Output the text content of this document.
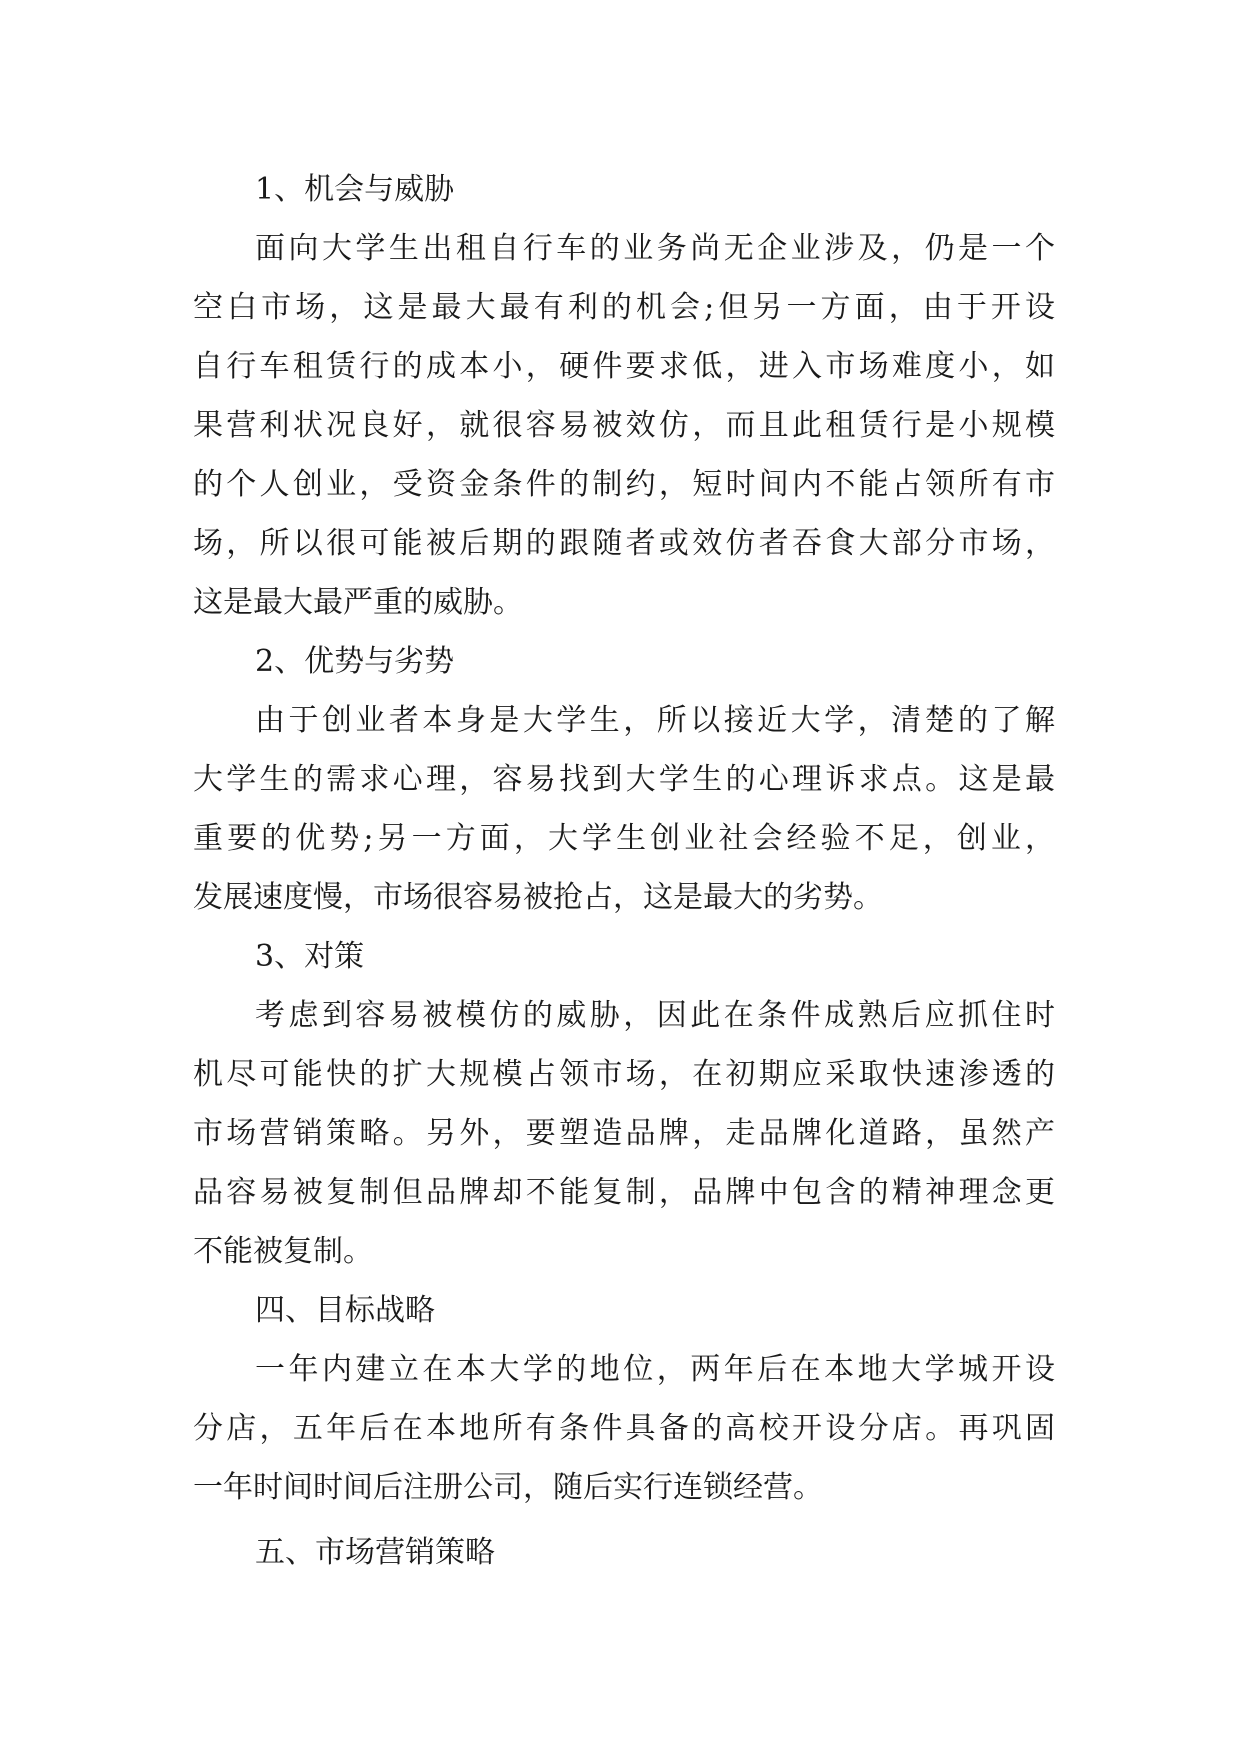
1、机会与威胁
面向大学生出租自行车的业务尚无企业涉及，仍是一个
空白市场，这是最大最有利的机会;但另一方面，由于开设
自行车租赁行的成本小，硬件要求低，进入市场难度小，如
果营利状况良好，就很容易被效仿，而且此租赁行是小规模
的个人创业，受资金条件的制约，短时间内不能占领所有市
场，所以很可能被后期的跟随者或效仿者吞食大部分市场，
这是最大最严重的威胁。
2、优势与劣势
由于创业者本身是大学生，所以接近大学，清楚的了解
大学生的需求心理，容易找到大学生的心理诉求点。这是最
重要的优势;另一方面，大学生创业社会经验不足，创业，
发展速度慢，市场很容易被抢占，这是最大的劣势。
3、对策
考虑到容易被模仿的威胁，因此在条件成熟后应抓住时
机尽可能快的扩大规模占领市场，在初期应采取快速渗透的
市场营销策略。另外，要塑造品牌，走品牌化道路，虽然产
品容易被复制但品牌却不能复制，品牌中包含的精神理念更
不能被复制。
四、目标战略
一年内建立在本大学的地位，两年后在本地大学城开设
分店，五年后在本地所有条件具备的高校开设分店。再巩固
一年时间时间后注册公司，随后实行连锁经营。
五、市场营销策略
